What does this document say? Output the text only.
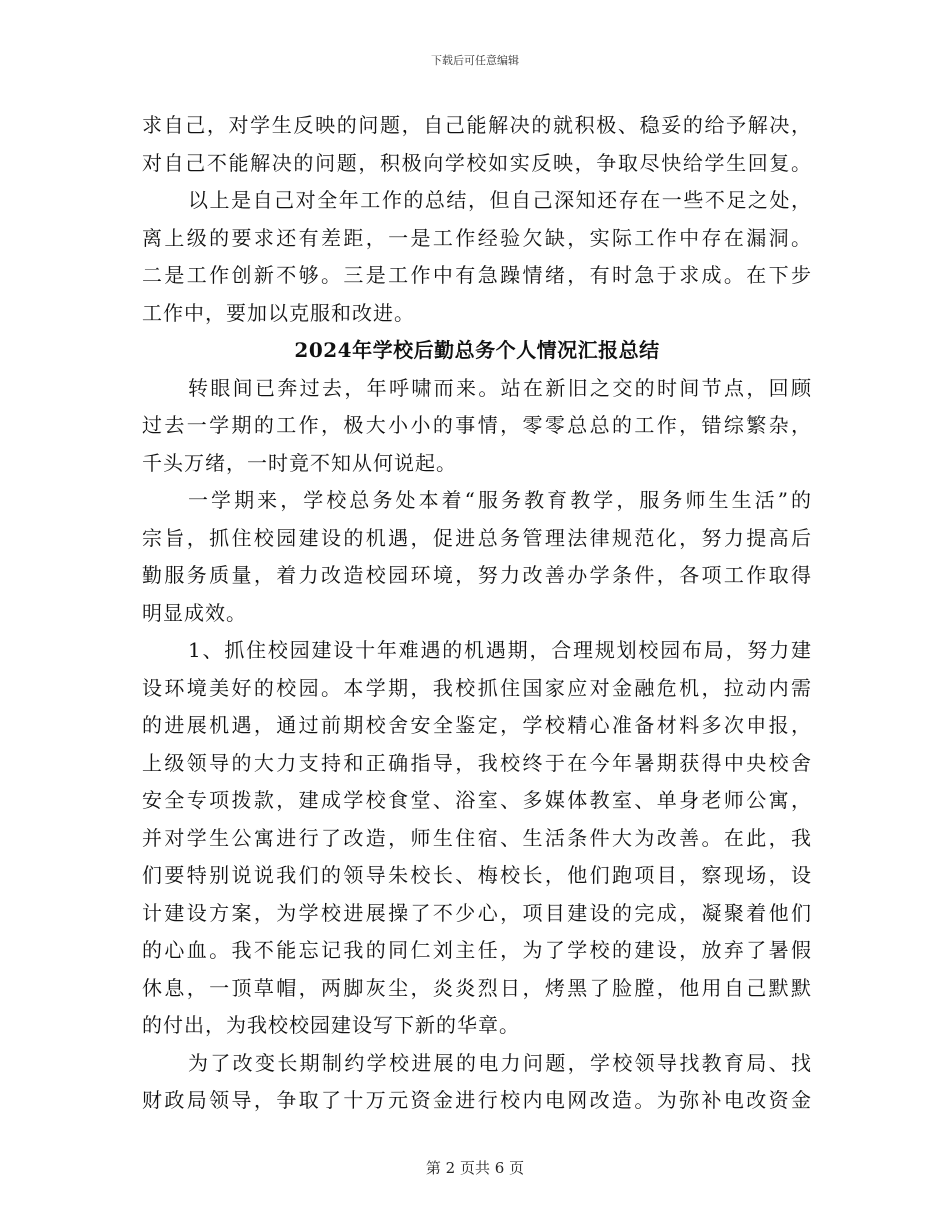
下载后可任意编辑
求自己，对学生反映的问题，自己能解决的就积极、稳妥的给予解决，
对自己不能解决的问题，积极向学校如实反映，争取尽快给学生回复。
以上是自己对全年工作的总结，但自己深知还存在一些不足之处，
离上级的要求还有差距，一是工作经验欠缺，实际工作中存在漏洞。
二是工作创新不够。三是工作中有急躁情绪，有时急于求成。在下步
工作中，要加以克服和改进。
2024年学校后勤总务个人情况汇报总结
转眼间已奔过去，年呼啸而来。站在新旧之交的时间节点，回顾
过去一学期的工作，极大小小的事情，零零总总的工作，错综繁杂，
千头万绪，一时竟不知从何说起。
一学期来，学校总务处本着“服务教育教学，服务师生生活”的
宗旨，抓住校园建设的机遇，促进总务管理法律规范化，努力提高后
勤服务质量，着力改造校园环境，努力改善办学条件，各项工作取得
明显成效。
1、抓住校园建设十年难遇的机遇期，合理规划校园布局，努力建
设环境美好的校园。本学期，我校抓住国家应对金融危机，拉动内需
的进展机遇，通过前期校舍安全鉴定，学校精心准备材料多次申报，
上级领导的大力支持和正确指导，我校终于在今年暑期获得中央校舍
安全专项拨款，建成学校食堂、浴室、多媒体教室、单身老师公寓，
并对学生公寓进行了改造，师生住宿、生活条件大为改善。在此，我
们要特别说说我们的领导朱校长、梅校长，他们跑项目，察现场，设
计建设方案，为学校进展操了不少心，项目建设的完成，凝聚着他们
的心血。我不能忘记我的同仁刘主任，为了学校的建设，放弃了暑假
休息，一顶草帽，两脚灰尘，炎炎烈日，烤黑了脸膛，他用自己默默
的付出，为我校校园建设写下新的华章。
为了改变长期制约学校进展的电力问题，学校领导找教育局、找
财政局领导，争取了十万元资金进行校内电网改造。为弥补电改资金
第 2 页共 6 页
